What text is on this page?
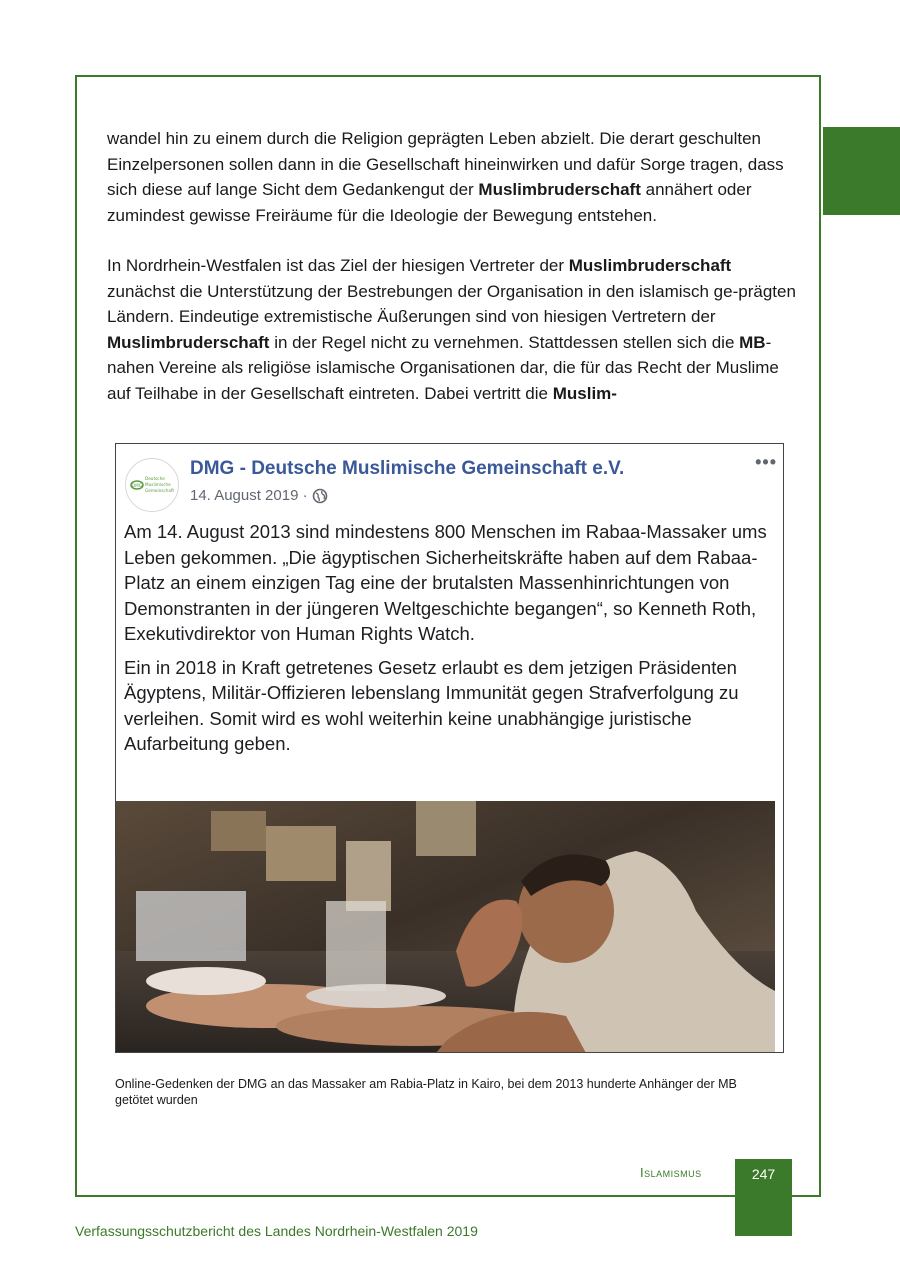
wandel hin zu einem durch die Religion geprägten Leben abzielt. Die derart geschulten Einzelpersonen sollen dann in die Gesellschaft hineinwirken und dafür Sorge tragen, dass sich diese auf lange Sicht dem Gedankengut der Muslimbruderschaft annähert oder zumindest gewisse Freiräume für die Ideologie der Bewegung entstehen.

In Nordrhein-Westfalen ist das Ziel der hiesigen Vertreter der Muslimbruderschaft zunächst die Unterstützung der Bestrebungen der Organisation in den islamisch ge-prägten Ländern. Eindeutige extremistische Äußerungen sind von hiesigen Vertretern der Muslimbruderschaft in der Regel nicht zu vernehmen. Stattdessen stellen sich die MB-nahen Vereine als religiöse islamische Organisationen dar, die für das Recht der Muslime auf Teilhabe in der Gesellschaft eintreten. Dabei vertritt die Muslim-

DMG
Deutsche
Muslimische
Gemeinschaft
DMG - Deutsche Muslimische Gemeinschaft e.V.
14. August 2019 ·
•••

Am 14. August 2013 sind mindestens 800 Menschen im Rabaa-Massaker ums Leben gekommen. „Die ägyptischen Sicherheitskräfte haben auf dem Rabaa-Platz an einem einzigen Tag eine der brutalsten Massenhinrichtungen von Demonstranten in der jüngeren Weltgeschichte begangen“, so Kenneth Roth, Exekutivdirektor von Human Rights Watch.

Ein in 2018 in Kraft getretenes Gesetz erlaubt es dem jetzigen Präsidenten Ägyptens, Militär-Offizieren lebenslang Immunität gegen Strafverfolgung zu verleihen. Somit wird es wohl weiterhin keine unabhängige juristische Aufarbeitung geben.

Online-Gedenken der DMG an das Massaker am Rabia-Platz in Kairo, bei dem 2013 hunderte Anhänger der MB getötet wurden
Islamismus	247
Verfassungsschutzbericht des Landes Nordrhein-Westfalen 2019
